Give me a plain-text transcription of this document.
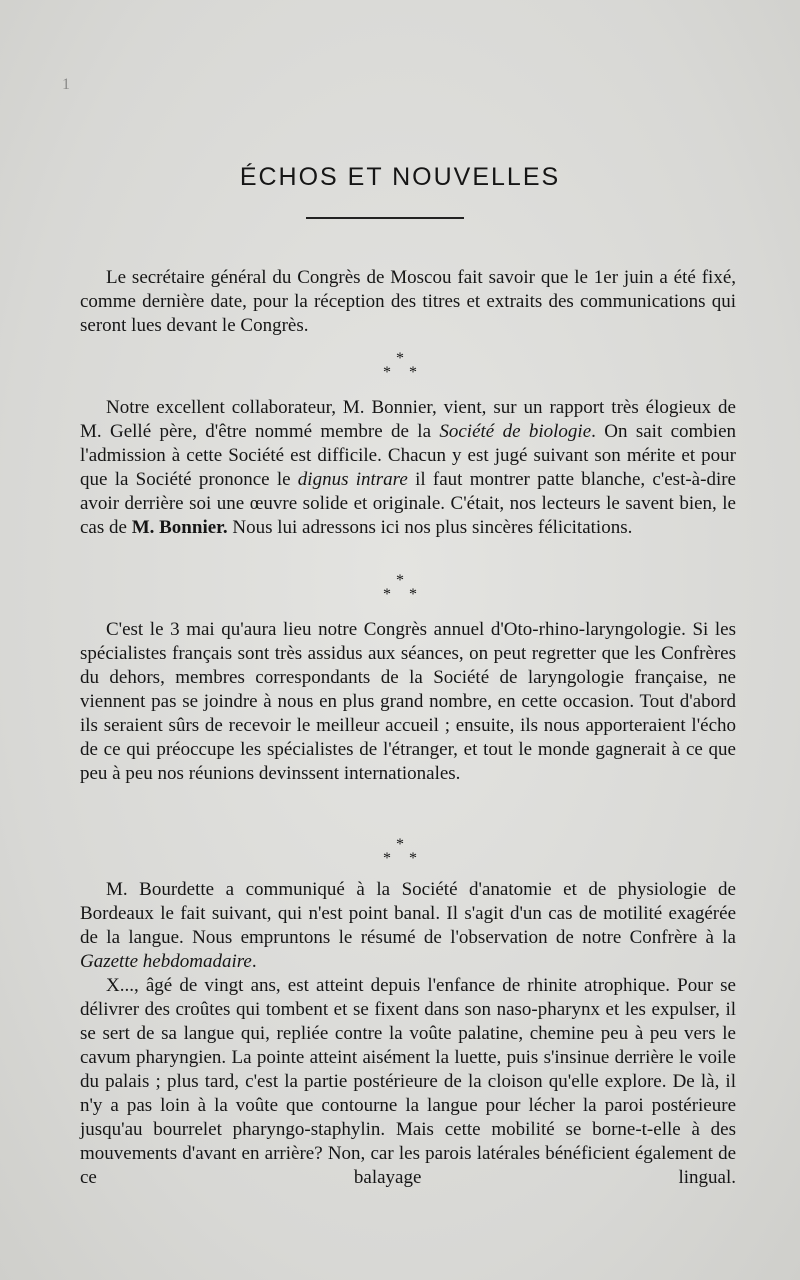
1
ÉCHOS ET NOUVELLES

Le secrétaire général du Congrès de Moscou fait savoir que le 1er juin a été fixé, comme dernière date, pour la réception des titres et extraits des communications qui seront lues devant le Congrès.

*
**

Notre excellent collaborateur, M. Bonnier, vient, sur un rapport très élogieux de M. Gellé père, d'être nommé membre de la Société de biologie. On sait combien l'admission à cette Société est difficile. Chacun y est jugé suivant son mérite et pour que la Société prononce le dignus intrare il faut montrer patte blanche, c'est-à-dire avoir derrière soi une œuvre solide et originale. C'était, nos lecteurs le savent bien, le cas de M. Bonnier. Nous lui adressons ici nos plus sincères félicitations.

*
**

C'est le 3 mai qu'aura lieu notre Congrès annuel d'Oto-rhino-laryngologie. Si les spécialistes français sont très assidus aux séances, on peut regretter que les Confrères du dehors, membres correspondants de la Société de laryngologie française, ne viennent pas se joindre à nous en plus grand nombre, en cette occasion. Tout d'abord ils seraient sûrs de recevoir le meilleur accueil ; ensuite, ils nous apporteraient l'écho de ce qui préoccupe les spécialistes de l'étranger, et tout le monde gagnerait à ce que peu à peu nos réunions devinssent internationales.

*
**

M. Bourdette a communiqué à la Société d'anatomie et de physiologie de Bordeaux le fait suivant, qui n'est point banal. Il s'agit d'un cas de motilité exagérée de la langue. Nous empruntons le résumé de l'observation de notre Confrère à la Gazette hebdomadaire.

X..., âgé de vingt ans, est atteint depuis l'enfance de rhinite atrophique. Pour se délivrer des croûtes qui tombent et se fixent dans son naso-pharynx et les expulser, il se sert de sa langue qui, repliée contre la voûte palatine, chemine peu à peu vers le cavum pharyngien. La pointe atteint aisément la luette, puis s'insinue derrière le voile du palais ; plus tard, c'est la partie postérieure de la cloison qu'elle explore. De là, il n'y a pas loin à la voûte que contourne la langue pour lécher la paroi postérieure jusqu'au bourrelet pharyngo-staphylin. Mais cette mobilité se borne-t-elle à des mouvements d'avant en arrière? Non, car les parois latérales bénéficient également de ce balayage lingual.
